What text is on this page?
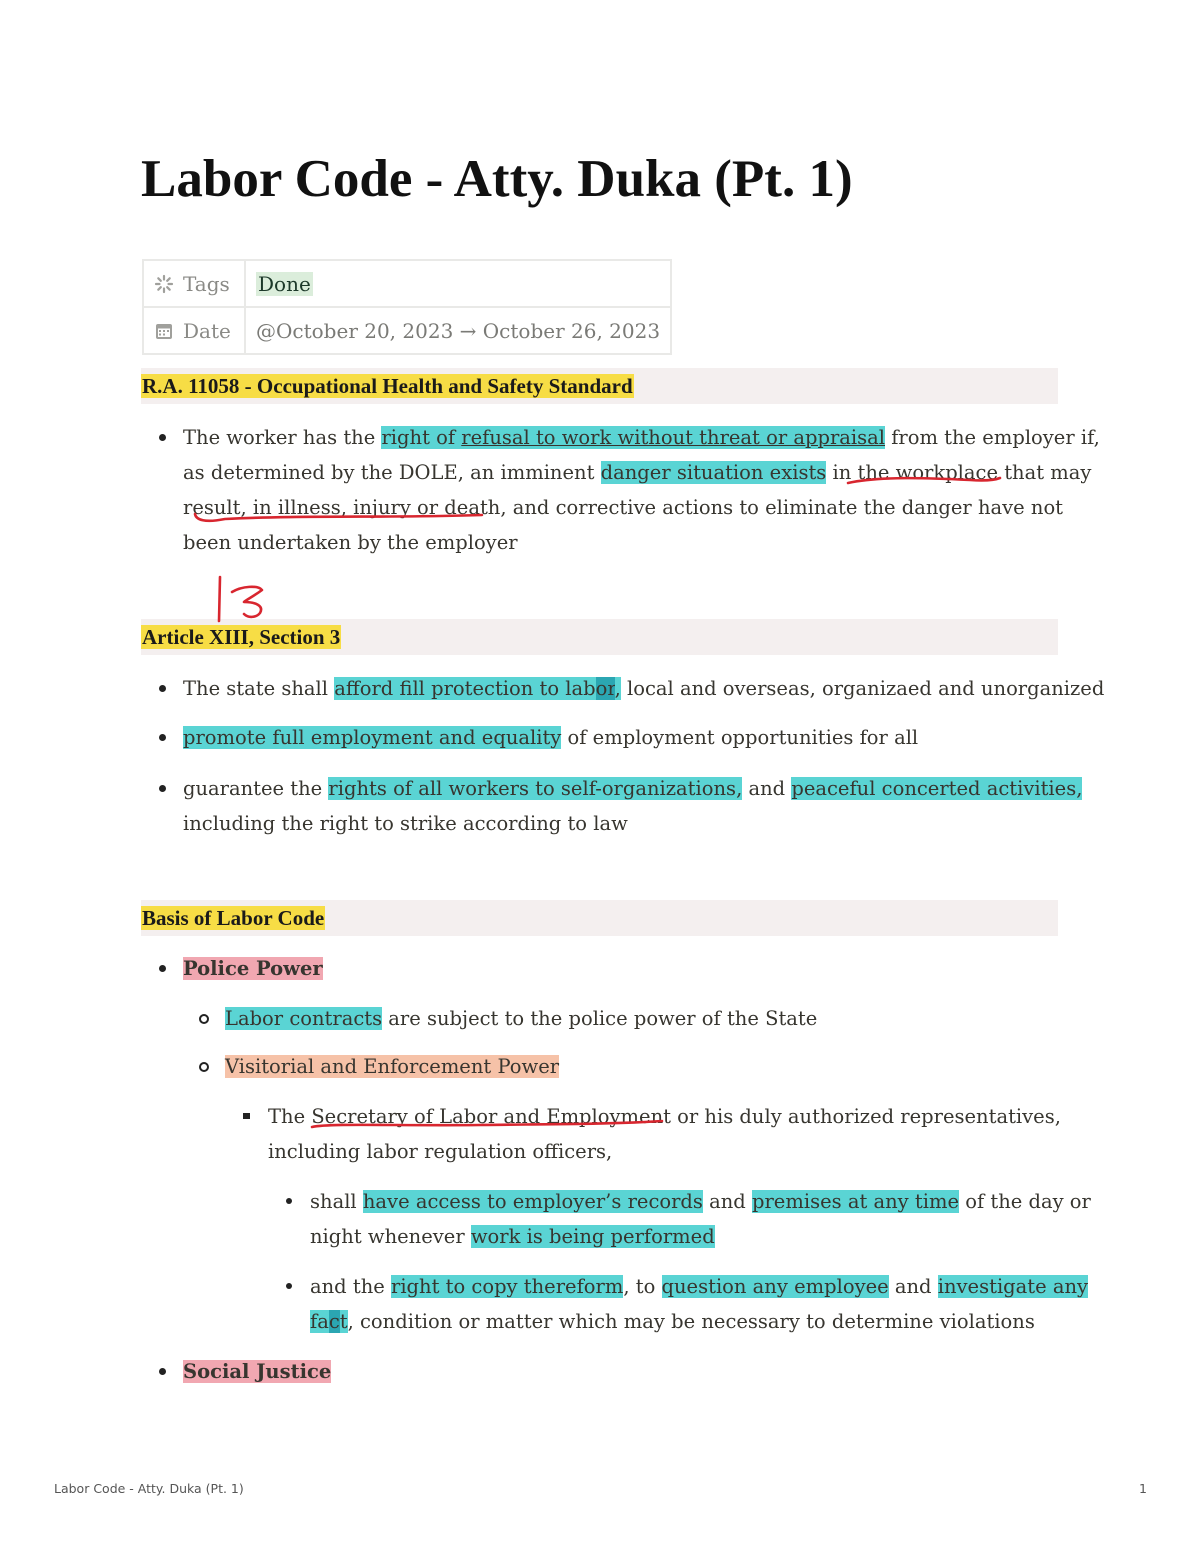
Labor Code - Atty. Duka (Pt. 1)
Tags	Done
Date	@October 20, 2023 → October 26, 2023
R.A. 11058 - Occupational Health and Safety Standard

The worker has the right of refusal to work without threat or appraisal from the employer if,

as determined by the DOLE, an imminent danger situation exists in the workplace that may

result, in illness, injury or death, and corrective actions to eliminate the danger have not

been undertaken by the employer

Article XIII, Section 3

The state shall afford fill protection to labor, local and overseas, organizaed and unorganized

promote full employment and equality of employment opportunities for all

guarantee the rights of all workers to self-organizations, and peaceful concerted activities,

including the right to strike according to law

Basis of Labor Code

Police Power

Labor contracts are subject to the police power of the State

Visitorial and Enforcement Power

The Secretary of Labor and Employment or his duly authorized representatives,

including labor regulation officers,

shall have access to employer’s records and premises at any time of the day or

night whenever work is being performed

and the right to copy thereform, to question any employee and investigate any

fact, condition or matter which may be necessary to determine violations

Social Justice

Labor Code - Atty. Duka (Pt. 1)	1
